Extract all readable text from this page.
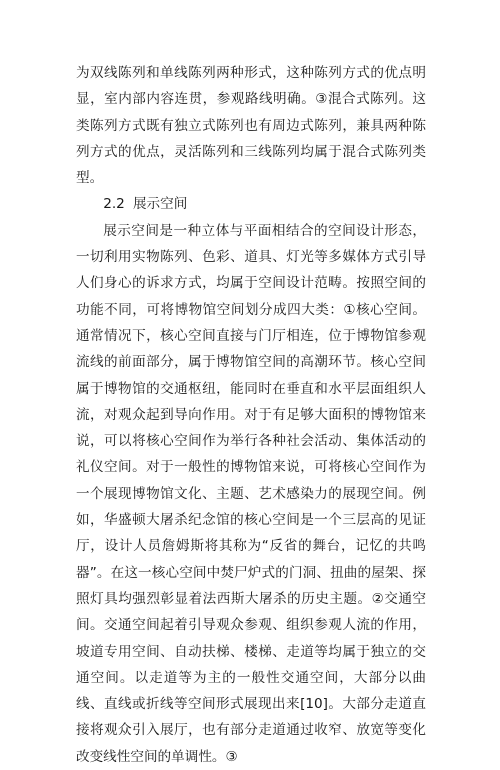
为双线陈列和单线陈列两种形式，这种陈列方式的优点明显，室内部内容连贯，参观路线明确。③混合式陈列。这类陈列方式既有独立式陈列也有周边式陈列，兼具两种陈列方式的优点，灵活陈列和三线陈列均属于混合式陈列类型。

2.2 展示空间

展示空间是一种立体与平面相结合的空间设计形态，一切利用实物陈列、色彩、道具、灯光等多媒体方式引导人们身心的诉求方式，均属于空间设计范畴。按照空间的功能不同，可将博物馆空间划分成四大类：①核心空间。通常情况下，核心空间直接与门厅相连，位于博物馆参观流线的前面部分，属于博物馆空间的高潮环节。核心空间属于博物馆的交通枢纽，能同时在垂直和水平层面组织人流，对观众起到导向作用。对于有足够大面积的博物馆来说，可以将核心空间作为举行各种社会活动、集体活动的礼仪空间。对于一般性的博物馆来说，可将核心空间作为一个展现博物馆文化、主题、艺术感染力的展现空间。例如，华盛顿大屠杀纪念馆的核心空间是一个三层高的见证厅，设计人员詹姆斯将其称为“反省的舞台，记忆的共鸣器”。在这一核心空间中焚尸炉式的门洞、扭曲的屋架、探照灯具均强烈彰显着法西斯大屠杀的历史主题。②交通空间。交通空间起着引导观众参观、组织参观人流的作用，坡道专用空间、自动扶梯、楼梯、走道等均属于独立的交通空间。以走道等为主的一般性交通空间，大部分以曲线、直线或折线等空间形式展现出来[10]。大部分走道直接将观众引入展厅，也有部分走道通过收窄、放宽等变化改变线性空间的单调性。③
